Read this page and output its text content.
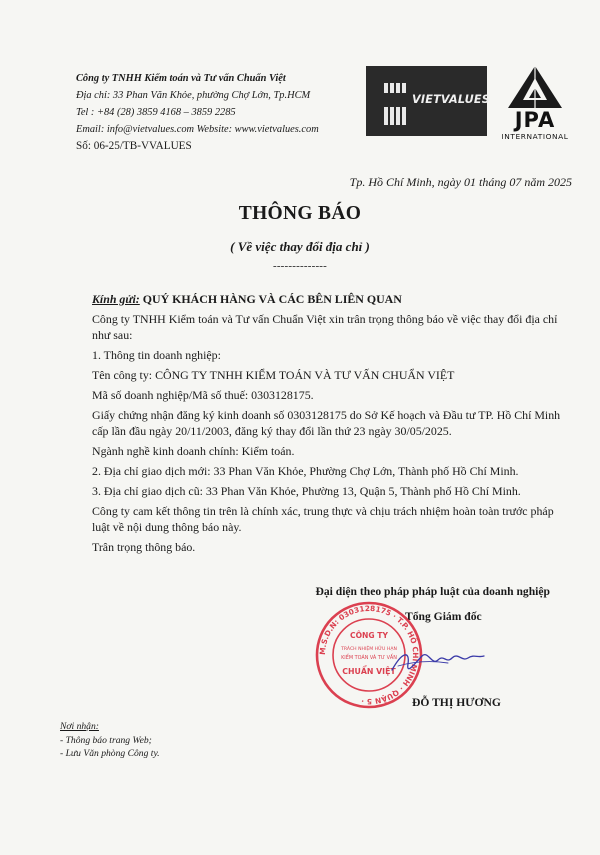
Công ty TNHH Kiểm toán và Tư vấn Chuẩn Việt
Địa chỉ: 33 Phan Văn Khỏe, phường Chợ Lớn, Tp.HCM
Tel : +84 (28) 3859 4168 – 3859 2285
Email: info@vietvalues.com Website: www.vietvalues.com
Số: 06-25/TB-VVALUES
VIETVALUES
JPA
INTERNATIONAL
Tp. Hồ Chí Minh, ngày 01 tháng 07 năm 2025
THÔNG BÁO
( Về việc thay đổi địa chỉ )
--------------

Kính gửi: QUÝ KHÁCH HÀNG VÀ CÁC BÊN LIÊN QUAN

Công ty TNHH Kiểm toán và Tư vấn Chuẩn Việt xin trân trọng thông báo về việc thay đổi địa chỉ như sau:

1. Thông tin doanh nghiệp:

Tên công ty: CÔNG TY TNHH KIỂM TOÁN VÀ TƯ VẤN CHUẨN VIỆT

Mã số doanh nghiệp/Mã số thuế: 0303128175.

Giấy chứng nhận đăng ký kinh doanh số 0303128175 do Sở Kế hoạch và Đầu tư TP. Hồ Chí Minh cấp lần đầu ngày 20/11/2003, đăng ký thay đổi lần thứ 23 ngày 30/05/2025.

Ngành nghề kinh doanh chính: Kiểm toán.

2. Địa chỉ giao dịch mới: 33 Phan Văn Khỏe, Phường Chợ Lớn, Thành phố Hồ Chí Minh.

3. Địa chỉ giao dịch cũ: 33 Phan Văn Khỏe, Phường 13, Quận 5, Thành phố Hồ Chí Minh.

Công ty cam kết thông tin trên là chính xác, trung thực và chịu trách nhiệm hoàn toàn trước pháp luật về nội dung thông báo này.

Trân trọng thông báo.

Đại diện theo pháp pháp luật của doanh nghiệp
Tổng Giám đốc
M.S.D.N: 0303128175 · T.P. HỒ CHÍ MINH · QUẬN 5 ·
CÔNG TY
TRÁCH NHIỆM HỮU HẠN
KIỂM TOÁN VÀ TƯ VẤN
CHUẨN VIỆT
ĐỖ THỊ HƯƠNG
Nơi nhận:
- Thông báo trang Web;
- Lưu Văn phòng Công ty.
